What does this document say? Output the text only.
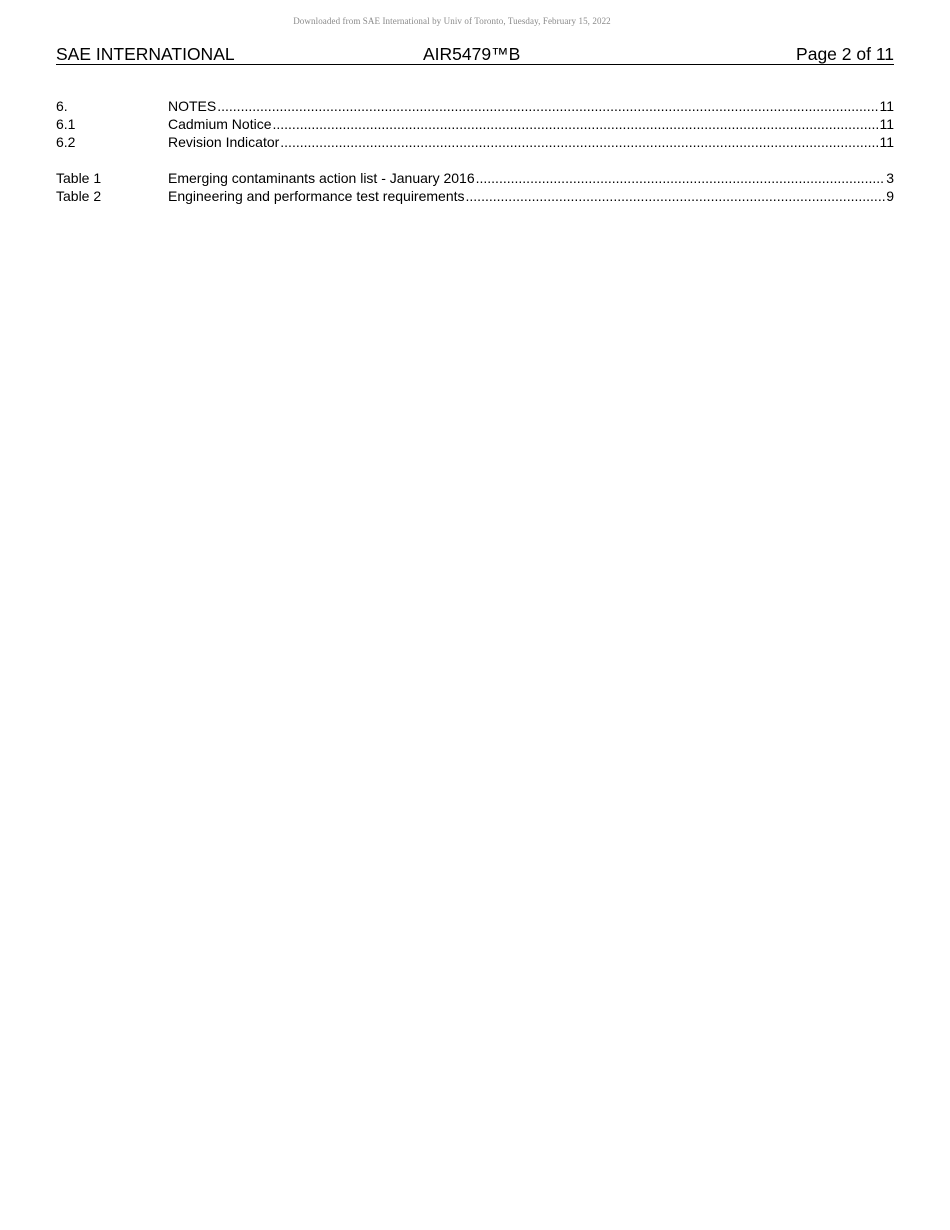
Downloaded from SAE International by Univ of Toronto, Tuesday, February 15, 2022
SAE INTERNATIONAL	AIR5479™B	Page 2 of 11
6.	NOTES .....	11
6.1	Cadmium Notice .....	11
6.2	Revision Indicator .....	11
Table 1	Emerging contaminants action list - January 2016 .....	3
Table 2	Engineering and performance test requirements .....	9
